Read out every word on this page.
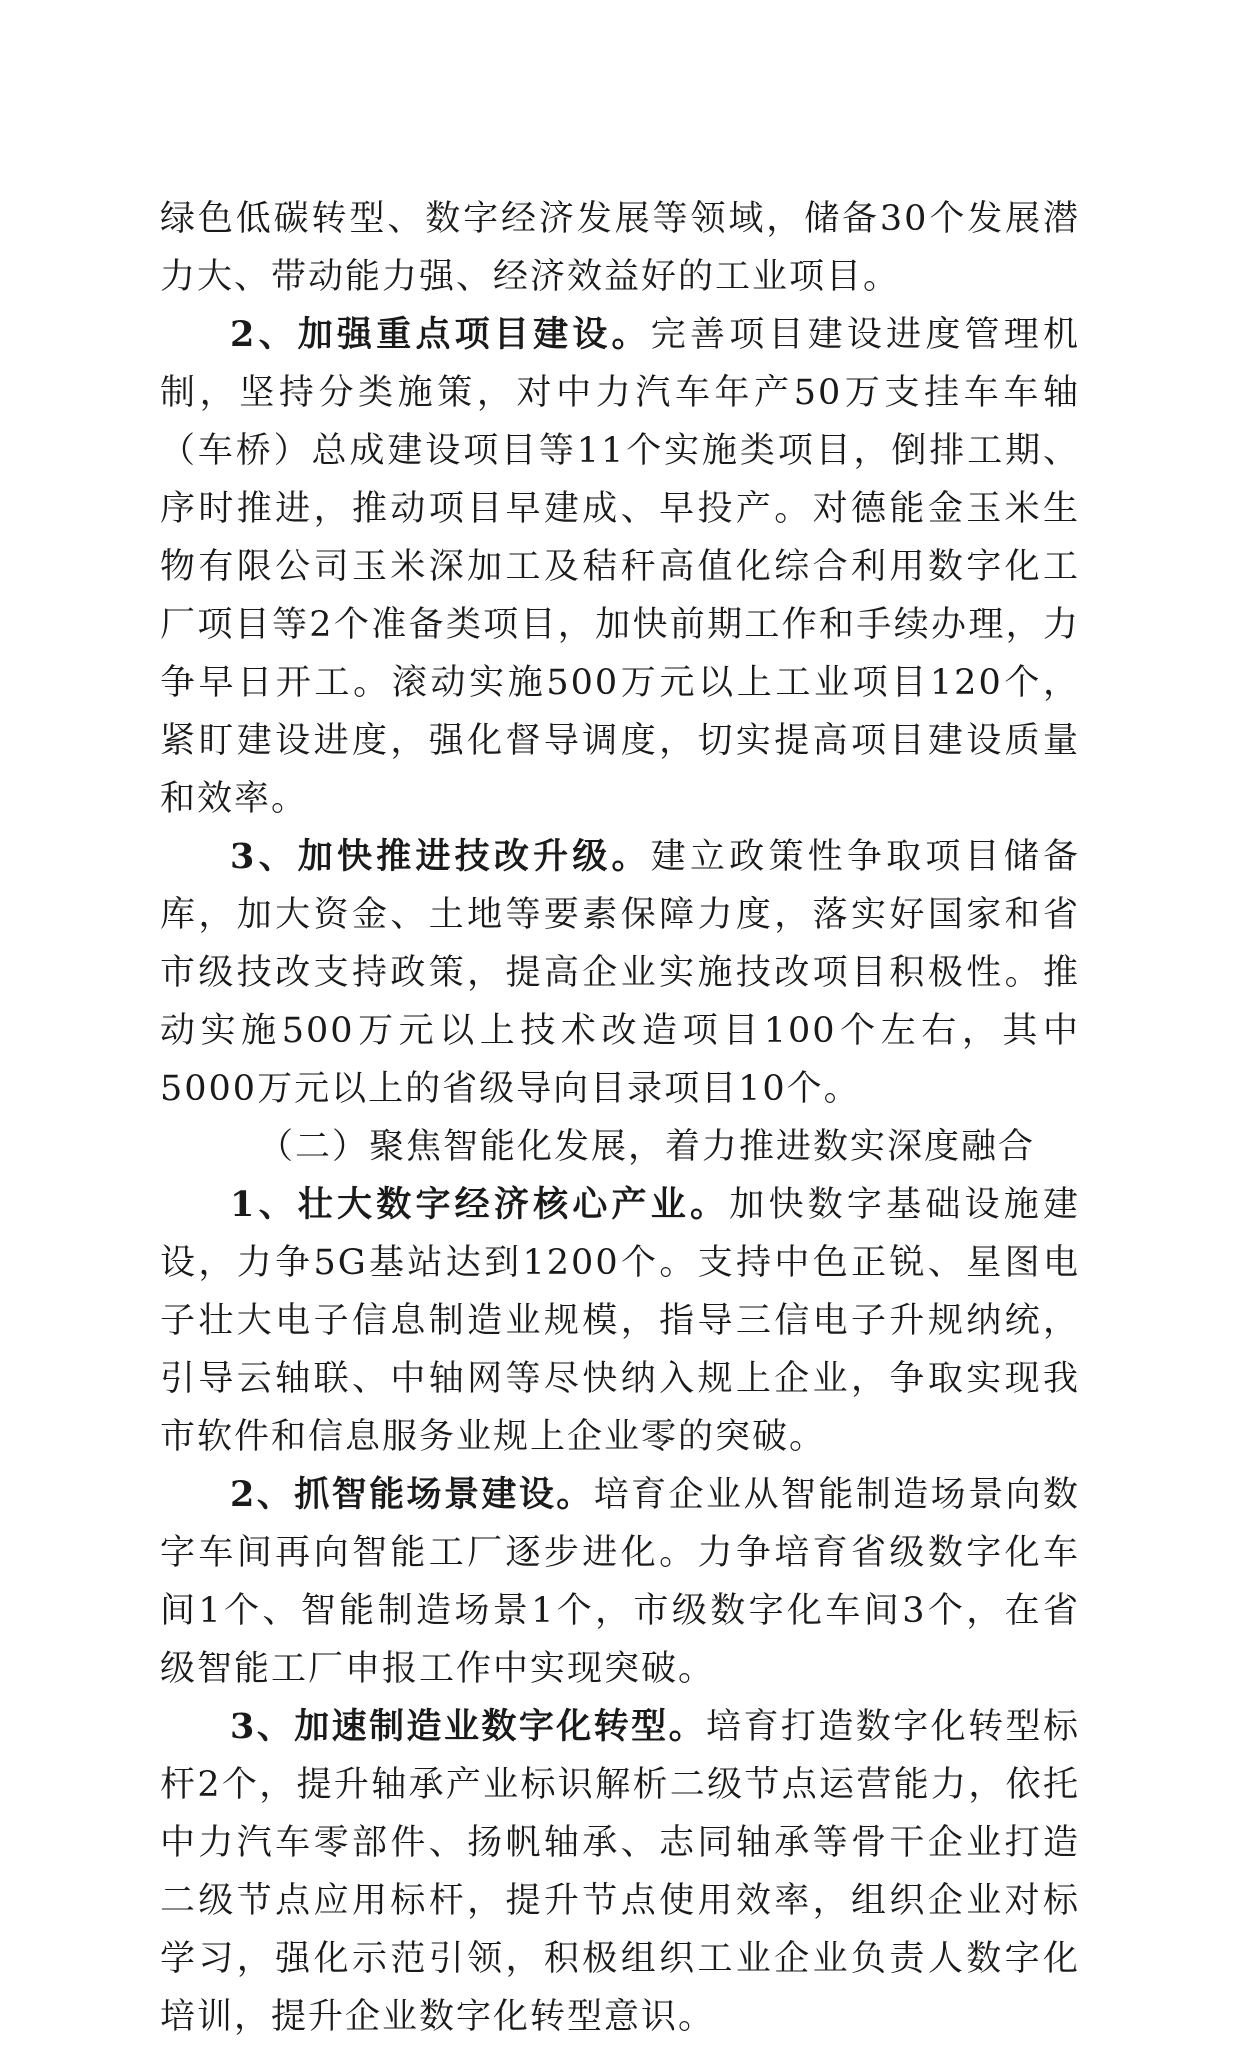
绿色低碳转型、数字经济发展等领域，储备30个发展潜力大、带动能力强、经济效益好的工业项目。

2、加强重点项目建设。完善项目建设进度管理机制，坚持分类施策，对中力汽车年产50万支挂车车轴（车桥）总成建设项目等11个实施类项目，倒排工期、序时推进，推动项目早建成、早投产。对德能金玉米生物有限公司玉米深加工及秸秆高值化综合利用数字化工厂项目等2个准备类项目，加快前期工作和手续办理，力争早日开工。滚动实施500万元以上工业项目120个，紧盯建设进度，强化督导调度，切实提高项目建设质量和效率。

3、加快推进技改升级。建立政策性争取项目储备库，加大资金、土地等要素保障力度，落实好国家和省市级技改支持政策，提高企业实施技改项目积极性。推动实施500万元以上技术改造项目100个左右，其中5000万元以上的省级导向目录项目10个。

（二）聚焦智能化发展，着力推进数实深度融合

1、壮大数字经济核心产业。加快数字基础设施建设，力争5G基站达到1200个。支持中色正锐、星图电子壮大电子信息制造业规模，指导三信电子升规纳统，引导云轴联、中轴网等尽快纳入规上企业，争取实现我市软件和信息服务业规上企业零的突破。

2、抓智能场景建设。培育企业从智能制造场景向数字车间再向智能工厂逐步进化。力争培育省级数字化车间1个、智能制造场景1个，市级数字化车间3个，在省级智能工厂申报工作中实现突破。

3、加速制造业数字化转型。培育打造数字化转型标杆2个，提升轴承产业标识解析二级节点运营能力，依托中力汽车零部件、扬帆轴承、志同轴承等骨干企业打造二级节点应用标杆，提升节点使用效率，组织企业对标学习，强化示范引领，积极组织工业企业负责人数字化培训，提升企业数字化转型意识。
